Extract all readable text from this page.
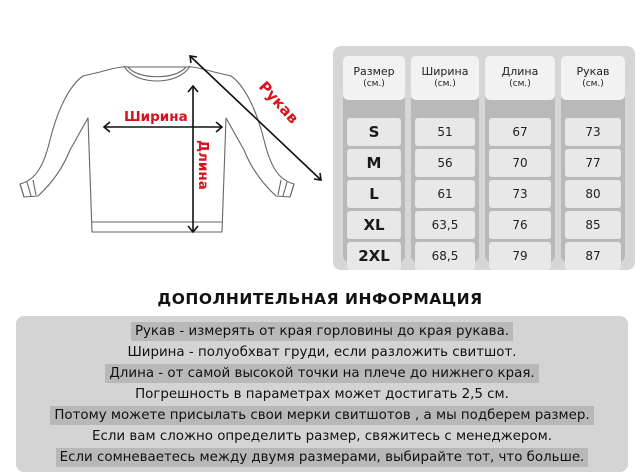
Ширина
Длина
Рукав
Размер
(см.)
S
M
L
XL
2XL
Ширина
(см.)
51
56
61
63,5
68,5
Длина
(см.)
67
70
73
76
79
Рукав
(см.)
73
77
80
85
87
ДОПОЛНИТЕЛЬНАЯ ИНФОРМАЦИЯ
Рукав - измерять от края горловины до края рукава.
Ширина - полуобхват груди, если разложить свитшот.
Длина - от самой высокой точки на плече до нижнего края.
Погрешность в параметрах может достигать 2,5 см.
Потому можете присылать свои мерки свитшотов , а мы подберем размер.
Если вам сложно определить размер, свяжитесь с менеджером.
Если сомневаетесь между двумя размерами, выбирайте тот, что больше.
